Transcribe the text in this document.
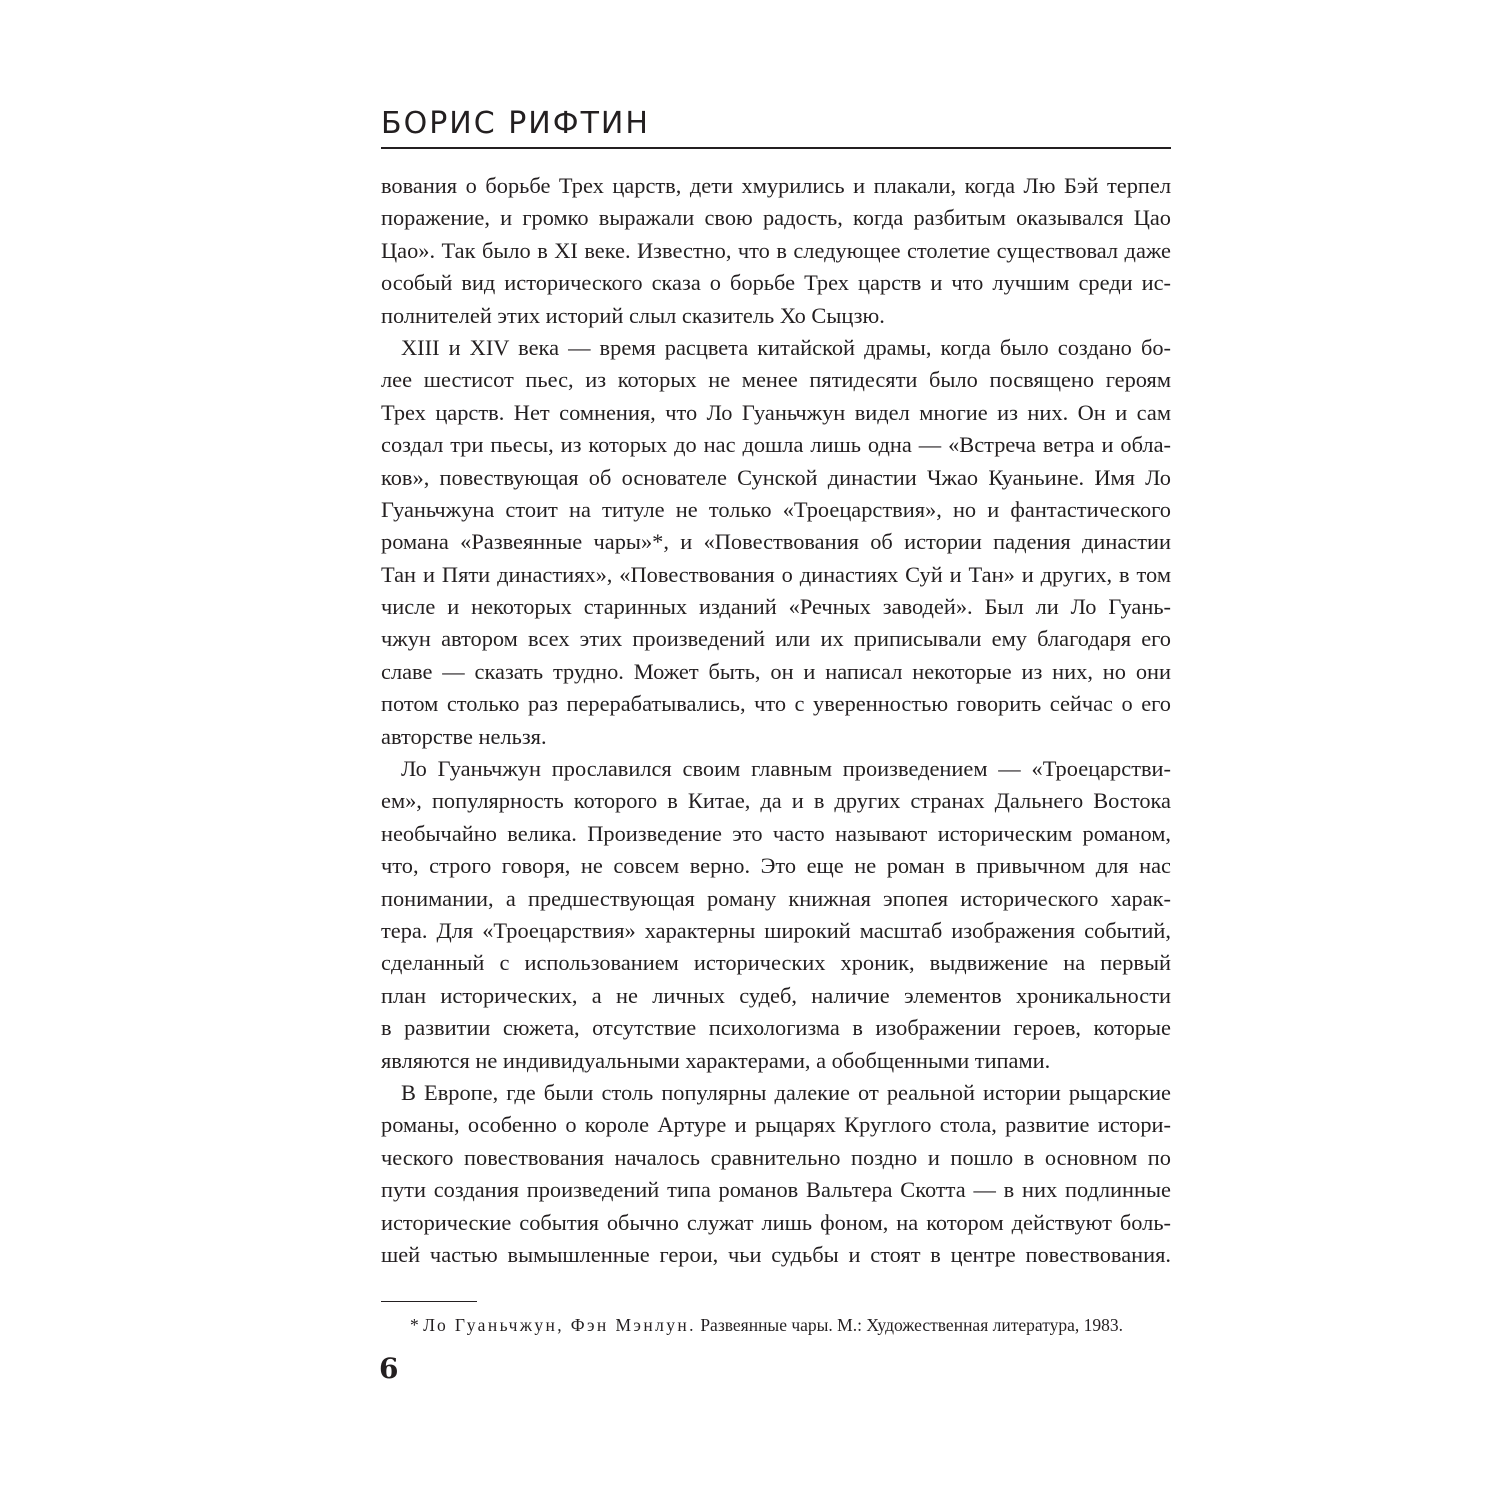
БОРИС РИФТИН
вования о борьбе Трех царств, дети хмурились и плакали, когда Лю Бэй терпел
поражение, и громко выражали свою радость, когда разбитым оказывался Цао
Цао». Так было в XI веке. Известно, что в следующее столетие существовал даже
особый вид исторического сказа о борьбе Трех царств и что лучшим среди ис-
полнителей этих историй слыл сказитель Хо Сыцзю.
XIII и XIV века — время расцвета китайской драмы, когда было создано бо-
лее шестисот пьес, из которых не менее пятидесяти было посвящено героям
Трех царств. Нет сомнения, что Ло Гуаньчжун видел многие из них. Он и сам
создал три пьесы, из которых до нас дошла лишь одна — «Встреча ветра и обла-
ков», повествующая об основателе Сунской династии Чжао Куаньине. Имя Ло
Гуаньчжуна стоит на титуле не только «Троецарствия», но и фантастического
романа «Развеянные чары»*, и «Повествования об истории падения династии
Тан и Пяти династиях», «Повествования о династиях Суй и Тан» и других, в том
числе и некоторых старинных изданий «Речных заводей». Был ли Ло Гуань-
чжун автором всех этих произведений или их приписывали ему благодаря его
славе — сказать трудно. Может быть, он и написал некоторые из них, но они
потом столько раз перерабатывались, что с уверенностью говорить сейчас о его
авторстве нельзя.
Ло Гуаньчжун прославился своим главным произведением — «Троецарстви-
ем», популярность которого в Китае, да и в других странах Дальнего Востока
необычайно велика. Произведение это часто называют историческим романом,
что, строго говоря, не совсем верно. Это еще не роман в привычном для нас
понимании, а предшествующая роману книжная эпопея исторического харак-
тера. Для «Троецарствия» характерны широкий масштаб изображения событий,
сделанный с использованием исторических хроник, выдвижение на первый
план исторических, а не личных судеб, наличие элементов хроникальности
в развитии сюжета, отсутствие психологизма в изображении героев, которые
являются не индивидуальными характерами, а обобщенными типами.
В Европе, где были столь популярны далекие от реальной истории рыцарские
романы, особенно о короле Артуре и рыцарях Круглого стола, развитие истори-
ческого повествования началось сравнительно поздно и пошло в основном по
пути создания произведений типа романов Вальтера Скотта — в них подлинные
исторические события обычно служат лишь фоном, на котором действуют боль-
шей частью вымышленные герои, чьи судьбы и стоят в центре повествования.
* Ло Гуаньчжун, Фэн Мэнлун. Развеянные чары. М.: Художественная литература, 1983.
6
